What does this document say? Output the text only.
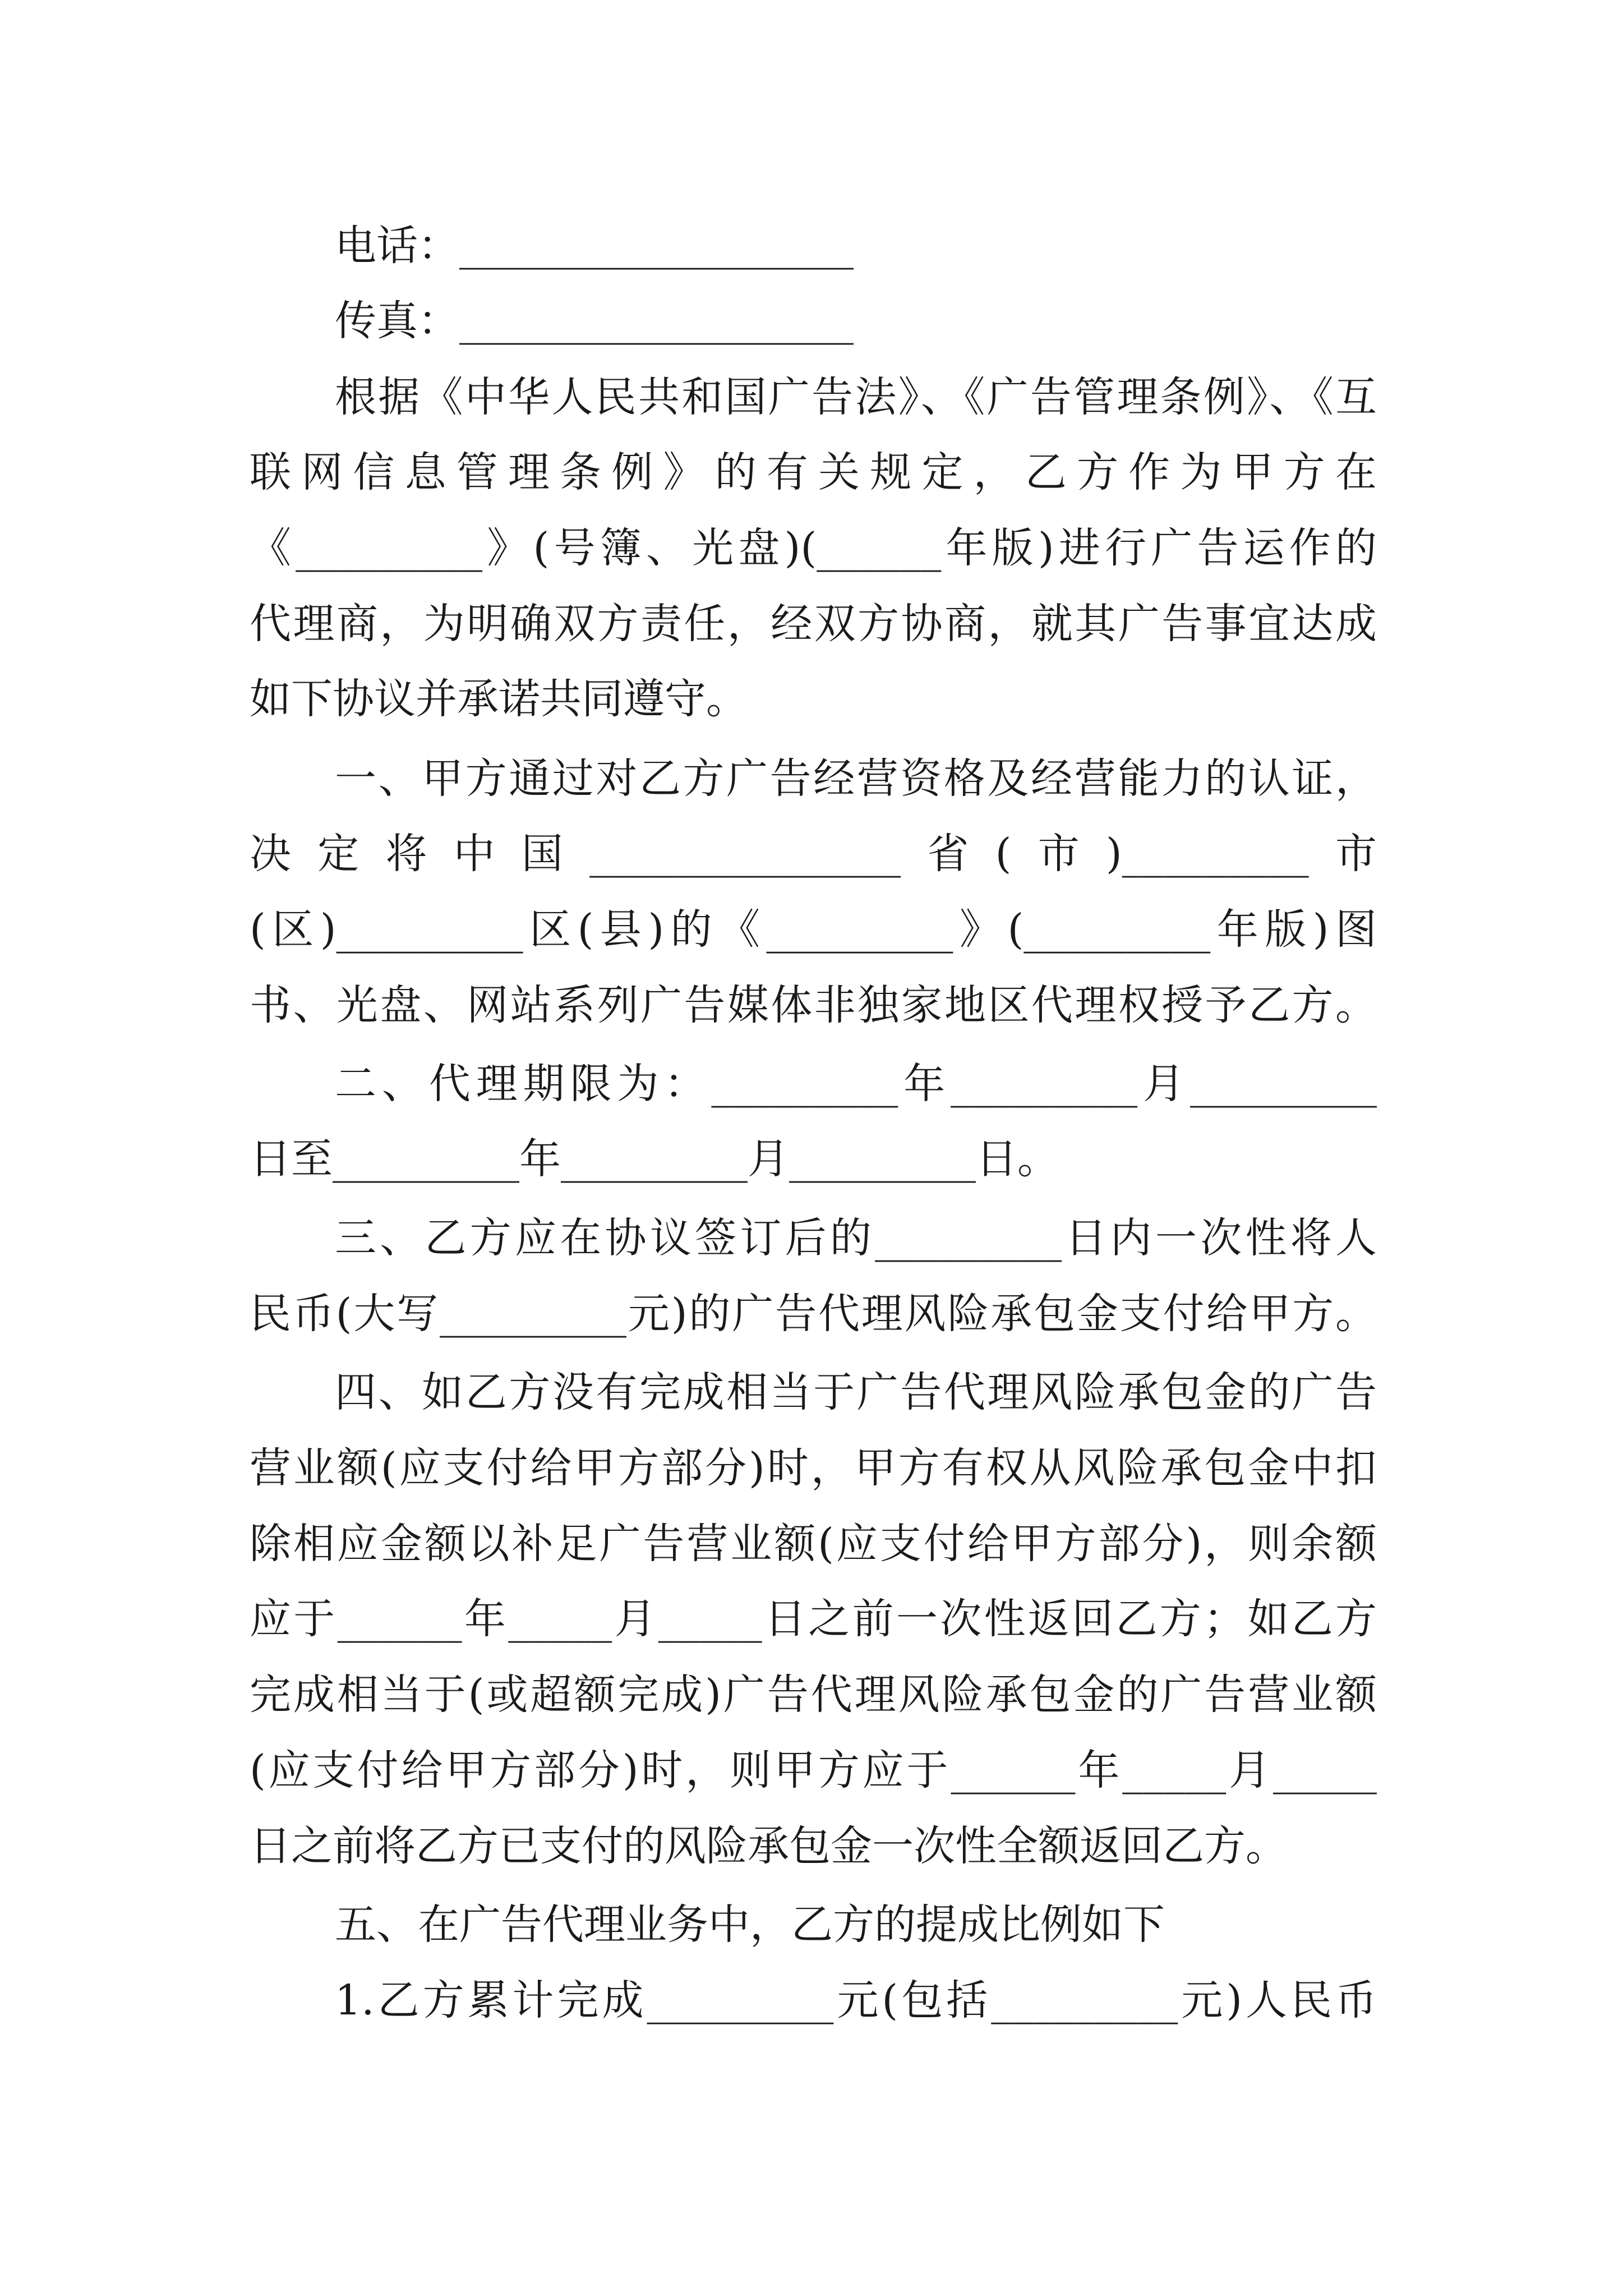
电话：___________________
传真：___________________
根据《中华人民共和国广告法》、《广告管理条例》、《互
联网信息管理条例》的有关规定，乙方作为甲方在
《_________》(号簿、光盘)(______年版)进行广告运作的
代理商，为明确双方责任，经双方协商，就其广告事宜达成
如下协议并承诺共同遵守。
一、甲方通过对乙方广告经营资格及经营能力的认证，
决定将中国_______________省(市)_________市
(区)_________区(县)的《_________》(_________年版)图
书、光盘、网站系列广告媒体非独家地区代理权授予乙方。
二、代理期限为：_________年_________月_________
日至_________年_________月_________日。
三、乙方应在协议签订后的_________日内一次性将人
民币(大写_________元)的广告代理风险承包金支付给甲方。
四、如乙方没有完成相当于广告代理风险承包金的广告
营业额(应支付给甲方部分)时，甲方有权从风险承包金中扣
除相应金额以补足广告营业额(应支付给甲方部分)，则余额
应于______年_____月_____日之前一次性返回乙方；如乙方
完成相当于(或超额完成)广告代理风险承包金的广告营业额
(应支付给甲方部分)时，则甲方应于______年_____月_____
日之前将乙方已支付的风险承包金一次性全额返回乙方。
五、在广告代理业务中，乙方的提成比例如下
1.乙方累计完成_________元(包括_________元)人民币
